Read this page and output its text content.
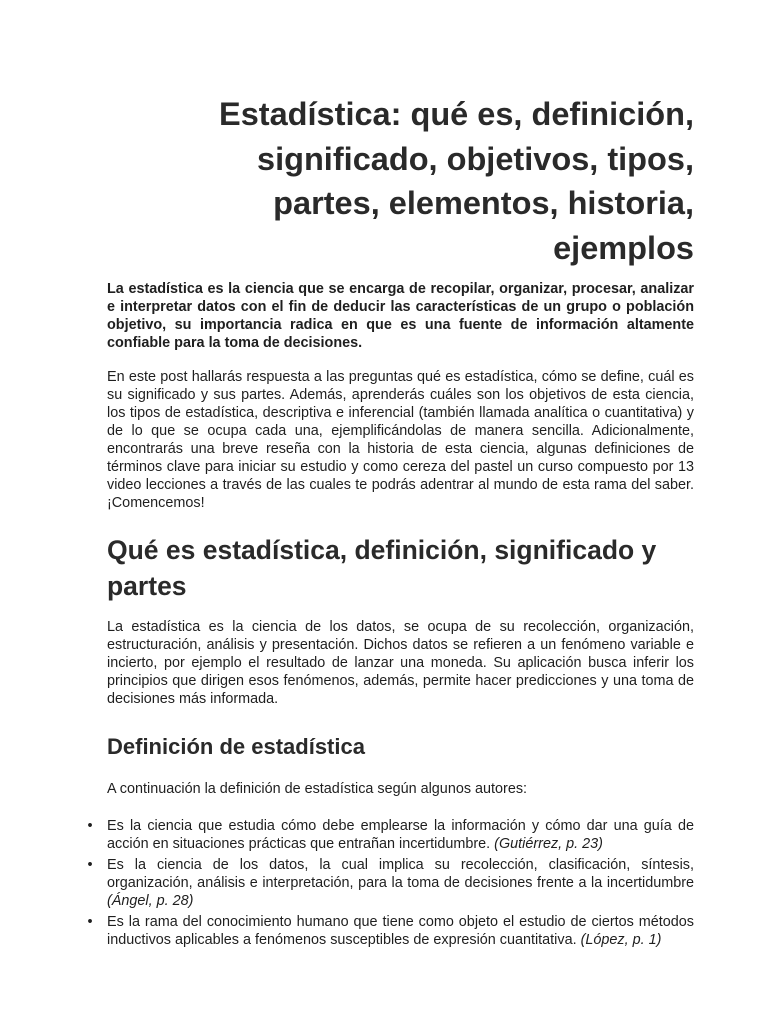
Estadística: qué es, definición,
significado, objetivos, tipos,
partes, elementos, historia,
ejemplos

La estadística es la ciencia que se encarga de recopilar, organizar, procesar, analizar e interpretar datos con el fin de deducir las características de un grupo o población objetivo, su importancia radica en que es una fuente de información altamente confiable para la toma de decisiones.

En este post hallarás respuesta a las preguntas qué es estadística, cómo se define, cuál es su significado y sus partes. Además, aprenderás cuáles son los objetivos de esta ciencia, los tipos de estadística, descriptiva e inferencial (también llamada analítica o cuantitativa) y de lo que se ocupa cada una, ejemplificándolas de manera sencilla. Adicionalmente, encontrarás una breve reseña con la historia de esta ciencia, algunas definiciones de términos clave para iniciar su estudio y como cereza del pastel un curso compuesto por 13 video lecciones a través de las cuales te podrás adentrar al mundo de esta rama del saber. ¡Comencemos!

Qué es estadística, definición, significado y partes

La estadística es la ciencia de los datos, se ocupa de su recolección, organización, estructuración, análisis y presentación. Dichos datos se refieren a un fenómeno variable e incierto, por ejemplo el resultado de lanzar una moneda. Su aplicación busca inferir los principios que dirigen esos fenómenos, además, permite hacer predicciones y una toma de decisiones más informada.

Definición de estadística

A continuación la definición de estadística según algunos autores:

• Es la ciencia que estudia cómo debe emplearse la información y cómo dar una guía de acción en situaciones prácticas que entrañan incertidumbre. (Gutiérrez, p. 23)
• Es la ciencia de los datos, la cual implica su recolección, clasificación, síntesis, organización, análisis e interpretación, para la toma de decisiones frente a la incertidumbre (Ángel, p. 28)
• Es la rama del conocimiento humano que tiene como objeto el estudio de ciertos métodos inductivos aplicables a fenómenos susceptibles de expresión cuantitativa. (López, p. 1)
